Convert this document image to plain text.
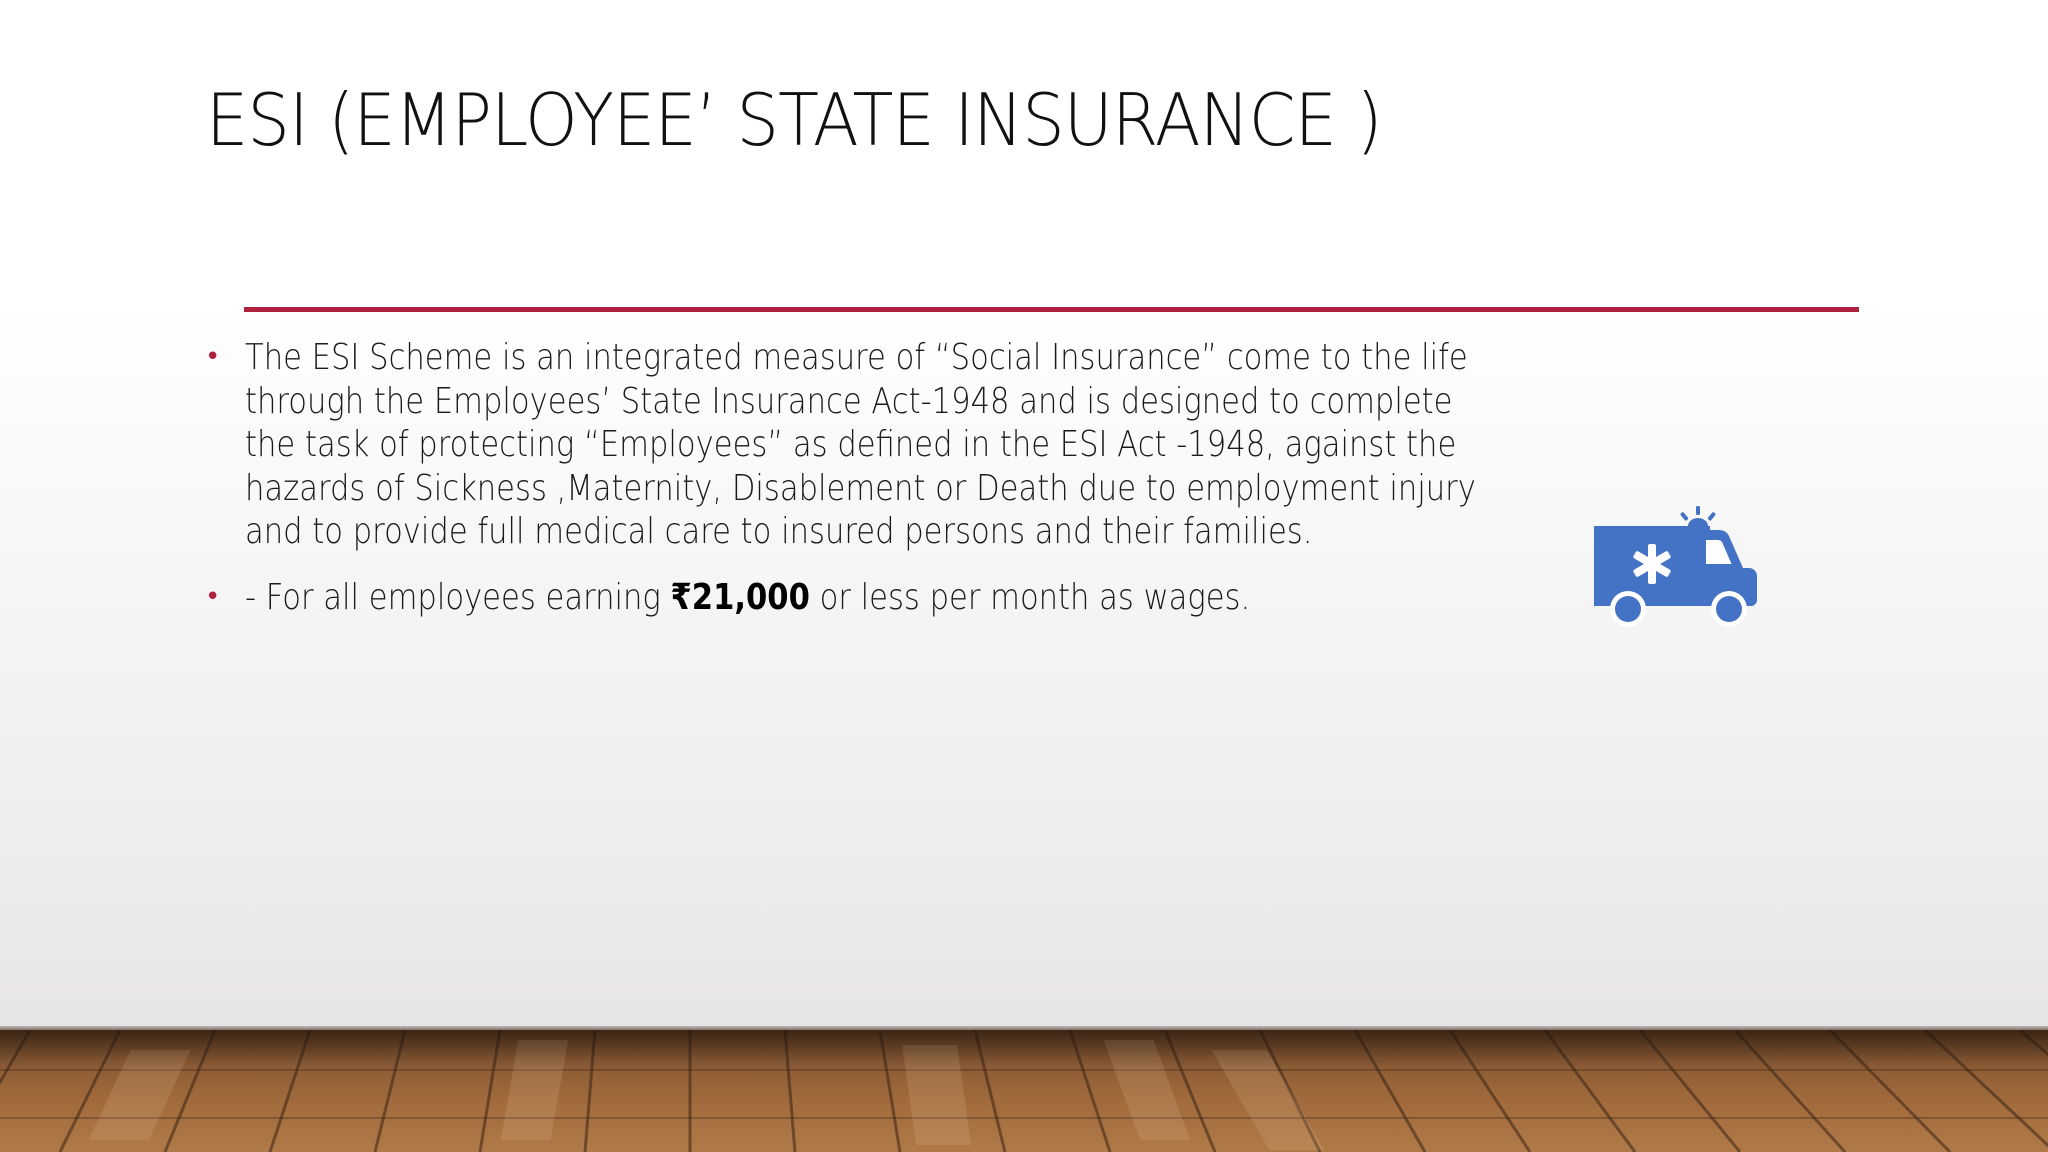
ESI (EMPLOYEE’ STATE INSURANCE )
• The ESI Scheme is an integrated measure of “Social Insurance” come to the life through the Employees’ State Insurance Act-1948 and is designed to complete the task of protecting “Employees” as defined in the ESI Act -1948, against the hazards of Sickness ,Maternity, Disablement or Death due to employment injury and to provide full medical care to insured persons and their families.
• - For all employees earning ₹21,000 or less per month as wages.
